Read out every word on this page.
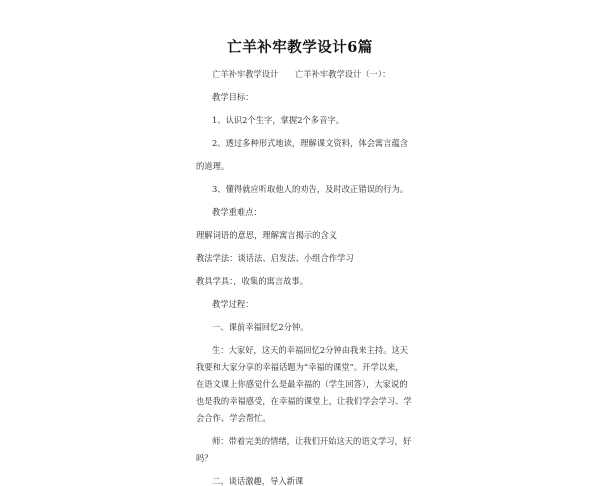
亡羊补牢教学设计6篇
亡羊补牢教学设计　　亡羊补牢教学设计（一）：
教学目标：
1、认识2个生字，掌握2个多音字。
2、透过多种形式地读，理解课文资料，体会寓言蕴含
的道理。
3、懂得就应听取他人的劝告，及时改正错误的行为。
教学重难点：
理解词语的意思，理解寓言揭示的含义
教法学法：谈话法、启发法、小组合作学习
教具学具：，收集的寓言故事。
教学过程：
一、课前幸福回忆2分钟。
生：大家好，这天的幸福回忆2分钟由我来主持。这天
我要和大家分享的幸福话题为“幸福的课堂”。开学以来，
在语文课上你感觉什么是最幸福的（学生回答），大家说的
也是我的幸福感受，在幸福的课堂上，让我们学会学习、学
会合作、学会帮忙。
师：带着完美的情绪，让我们开始这天的语文学习，好
吗？
二、谈话激趣，导入新课
